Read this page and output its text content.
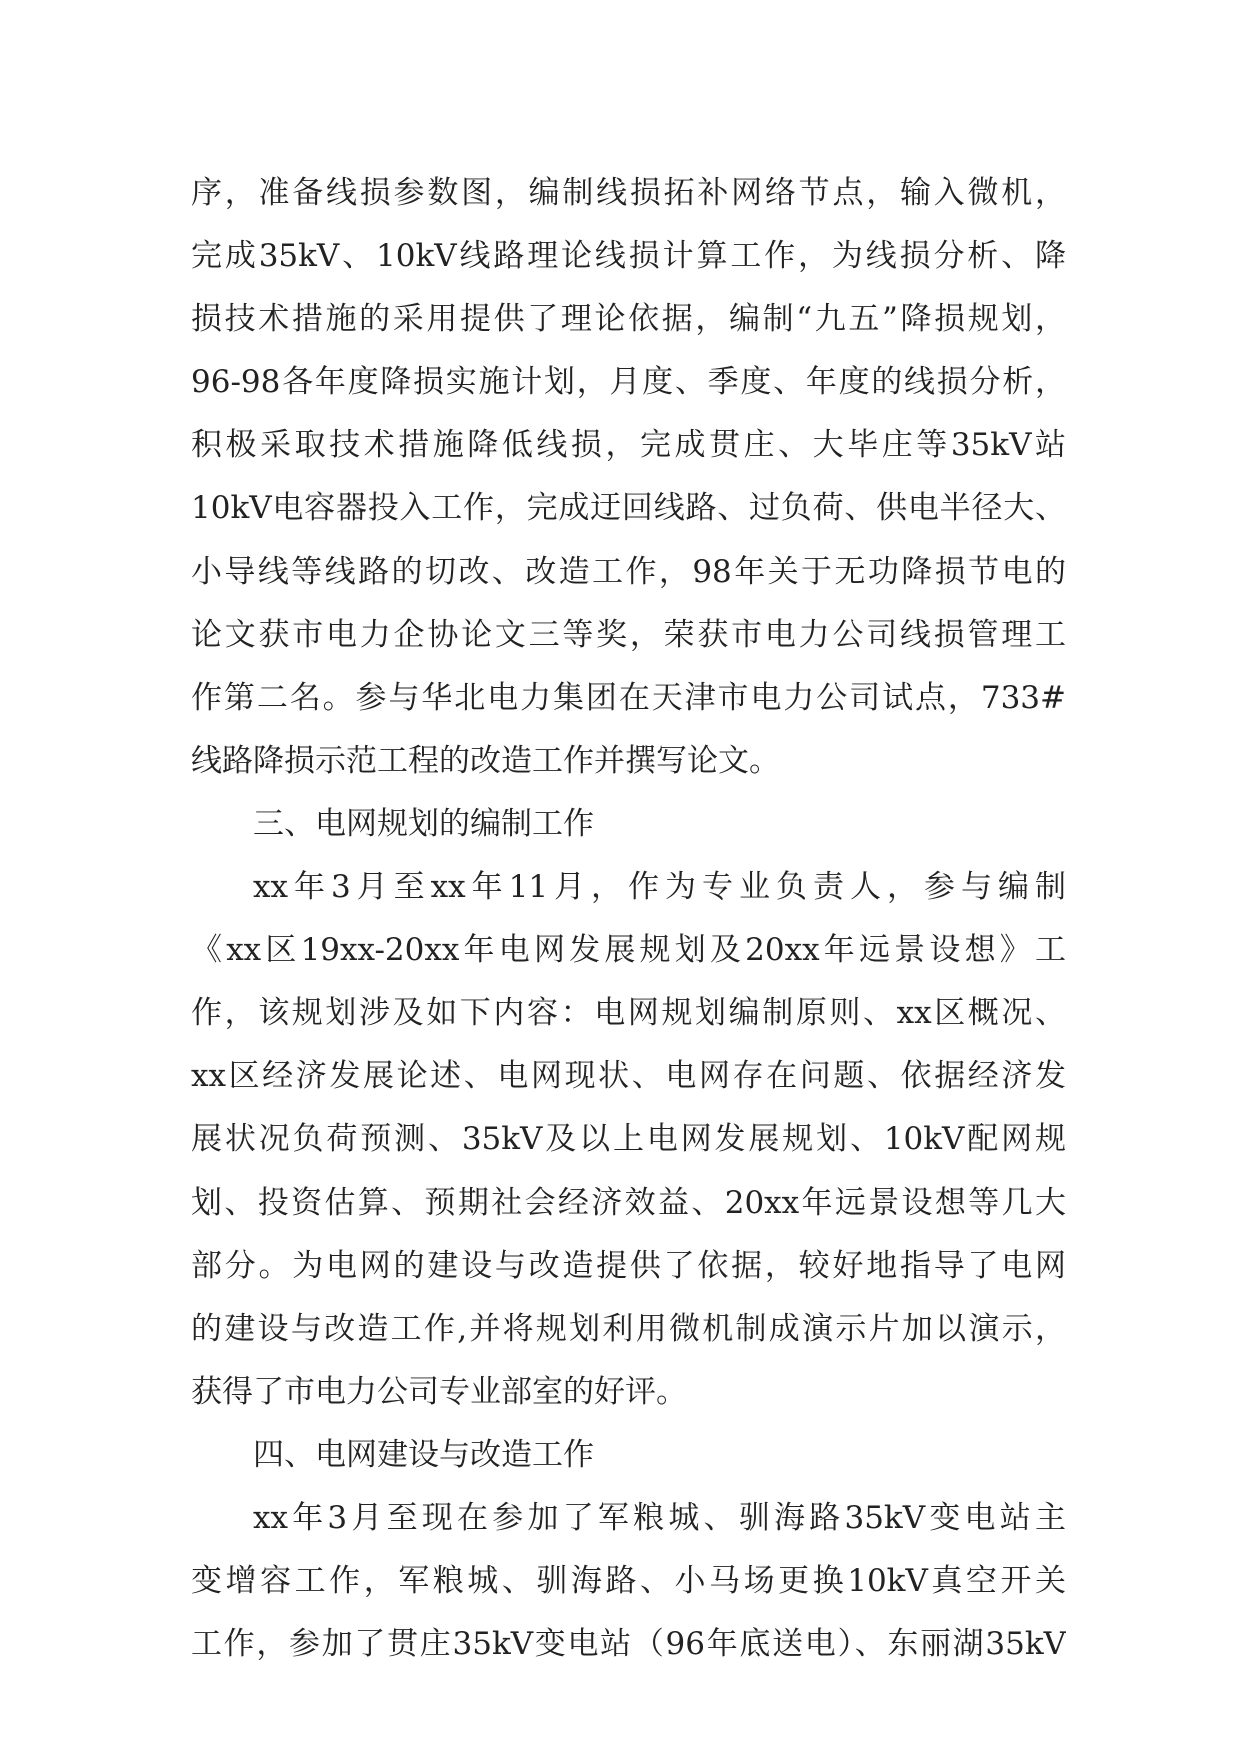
序，准备线损参数图，编制线损拓补网络节点，输入微机，
完成35kV、10kV线路理论线损计算工作，为线损分析、降
损技术措施的采用提供了理论依据，编制“九五”降损规划，
96-98各年度降损实施计划，月度、季度、年度的线损分析，
积极采取技术措施降低线损，完成贯庄、大毕庄等35kV站
10kV电容器投入工作，完成迂回线路、过负荷、供电半径大、
小导线等线路的切改、改造工作，98年关于无功降损节电的
论文获市电力企协论文三等奖，荣获市电力公司线损管理工
作第二名。参与华北电力集团在天津市电力公司试点，733#
线路降损示范工程的改造工作并撰写论文。
三、电网规划的编制工作
xx年3月至xx年11月，作为专业负责人，参与编制
《xx区19xx-20xx年电网发展规划及20xx年远景设想》工
作，该规划涉及如下内容：电网规划编制原则、xx区概况、
xx区经济发展论述、电网现状、电网存在问题、依据经济发
展状况负荷预测、35kV及以上电网发展规划、10kV配网规
划、投资估算、预期社会经济效益、20xx年远景设想等几大
部分。为电网的建设与改造提供了依据，较好地指导了电网
的建设与改造工作,并将规划利用微机制成演示片加以演示，
获得了市电力公司专业部室的好评。
四、电网建设与改造工作
xx年3月至现在参加了军粮城、驯海路35kV变电站主
变增容工作，军粮城、驯海路、小马场更换10kV真空开关
工作，参加了贯庄35kV变电站（96年底送电）、东丽湖35kV
